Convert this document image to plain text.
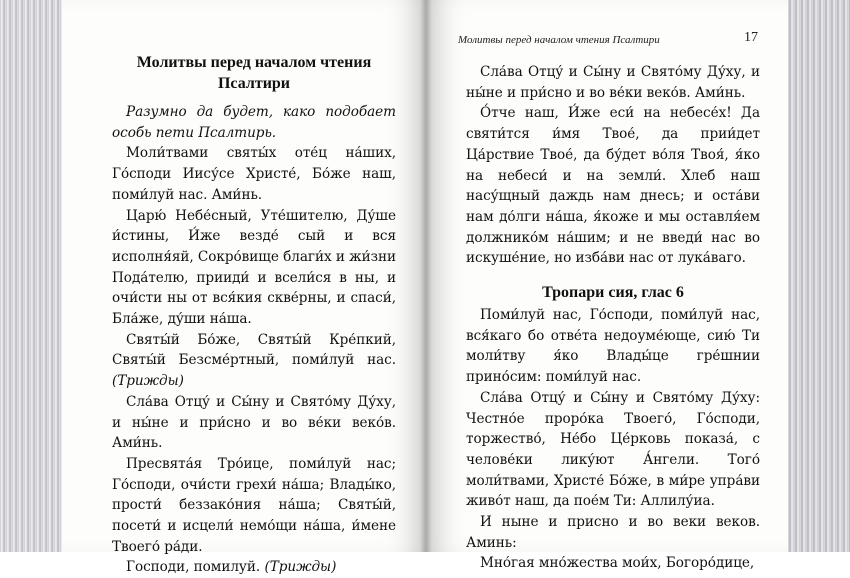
Молитвы перед началом чтения Псалтири

Разумно да будет, како подобает особь пети Псалтирь.

Моли́твами святы́х оте́ц на́ших, Го́споди Иису́се Христе́, Бо́же наш, поми́луй нас. Ами́нь.

Царю́ Небе́сный, Уте́шителю, Ду́ше и́стины, И́же везде́ сый и вся исполня́яй, Сокро́вище благи́х и жи́зни Пода́телю, прииди́ и всели́ся в ны, и очи́сти ны от вся́кия скве́рны, и спаси́, Бла́же, ду́ши на́ша.

Святы́й Бо́же, Святы́й Кре́пкий, Святы́й Безсме́ртный, поми́луй нас. (Трижды)

Сла́ва Отцу́ и Сы́ну и Свято́му Ду́ху, и ны́не и при́сно и во ве́ки веко́в. Ами́нь.

Пресвята́я Тро́ице, поми́луй нас; Го́споди, очи́сти грехи́ на́ша; Влады́ко, прости́ беззако́ния на́ша; Святы́й, посети́ и исцели́ немо́щи на́ша, и́мене Твоего́ ра́ди.

Господи, помилуй. (Трижды)

Молитвы перед началом чтения Псалтири	17

Сла́ва Отцу́ и Сы́ну и Свято́му Ду́ху, и ны́не и при́сно и во ве́ки веко́в. Ами́нь.

О́тче наш, И́же еси́ на небесе́х! Да святи́тся и́мя Твое́, да прии́дет Ца́рствие Твое́, да бу́дет во́ля Твоя́, я́ко на небеси́ и на земли́. Хлеб наш насу́щный даждь нам днесь; и оста́ви нам до́лги на́ша, я́коже и мы оставля́ем должнико́м на́шим; и не введи́ нас во искуше́ние, но изба́ви нас от лука́ваго.

Тропари сия, глас 6

Поми́луй нас, Го́споди, поми́луй нас, вся́каго бо отве́та недоуме́юще, сию́ Ти моли́тву я́ко Влады́це гре́шнии прино́сим: поми́луй нас.

Сла́ва Отцу́ и Сы́ну и Свято́му Ду́ху: Честно́е проро́ка Твоего́, Го́споди, торжество́, Не́бо Це́рковь показа́, с челове́ки лику́ют А́нгели. Того́ моли́твами, Христе́ Бо́же, в ми́ре упра́ви живо́т наш, да пое́м Ти: Аллилу́иа.

И ныне и присно и во веки веков. Аминь:

Мно́гая мно́жества мои́х, Богоро́дице,
